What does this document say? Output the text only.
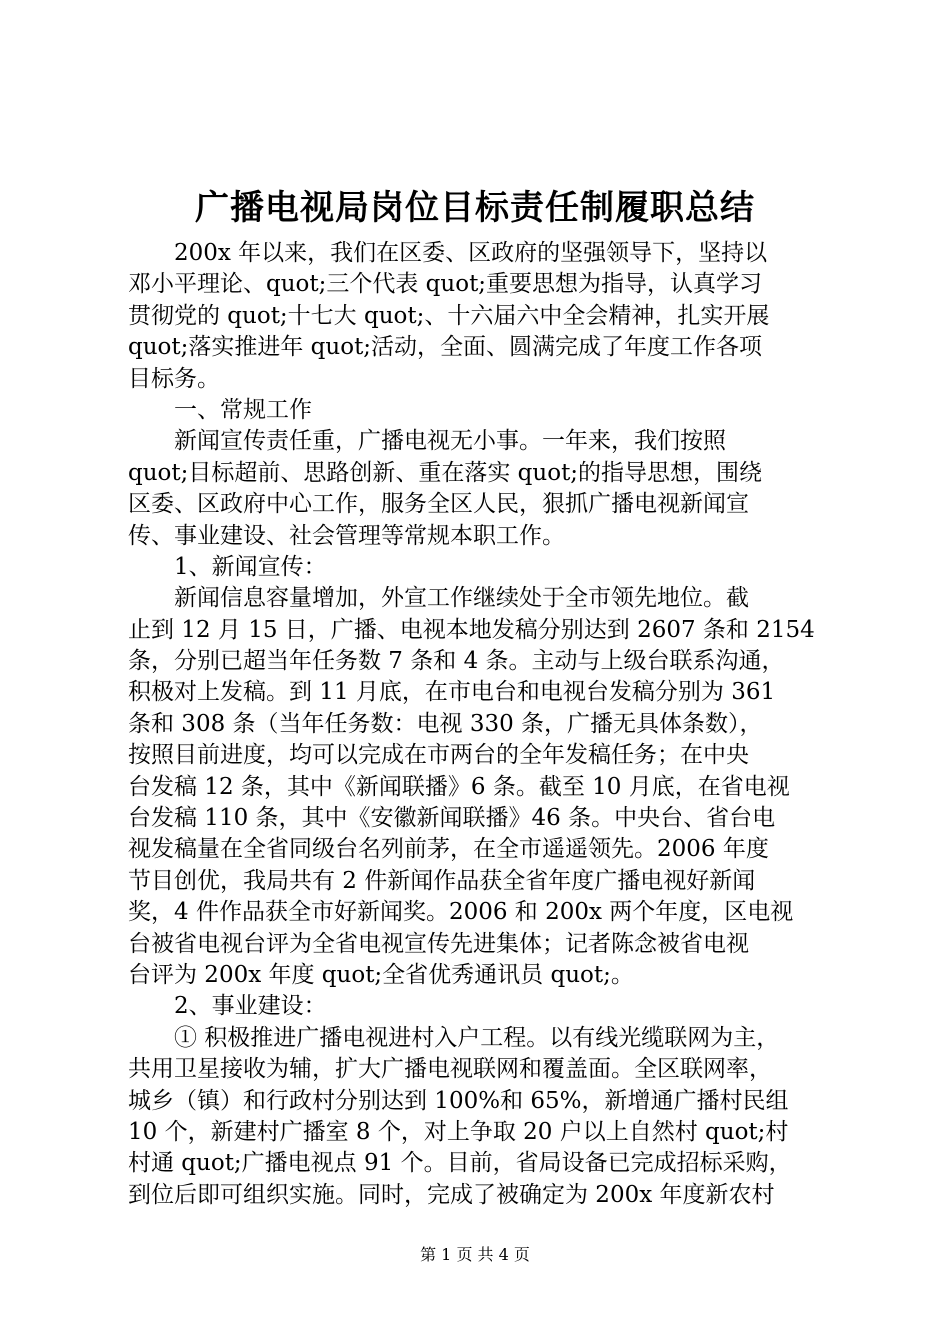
广播电视局岗位目标责任制履职总结
　　200x 年以来，我们在区委、区政府的坚强领导下，坚持以
邓小平理论、quot;三个代表 quot;重要思想为指导，认真学习
贯彻党的 quot;十七大 quot;、十六届六中全会精神，扎实开展
quot;落实推进年 quot;活动，全面、圆满完成了年度工作各项
目标务。
　　一、常规工作
　　新闻宣传责任重，广播电视无小事。一年来，我们按照
quot;目标超前、思路创新、重在落实 quot;的指导思想，围绕
区委、区政府中心工作，服务全区人民，狠抓广播电视新闻宣
传、事业建设、社会管理等常规本职工作。
　　1、新闻宣传：
　　新闻信息容量增加，外宣工作继续处于全市领先地位。截
止到 12 月 15 日，广播、电视本地发稿分别达到 2607 条和 2154
条，分别已超当年任务数 7 条和 4 条。主动与上级台联系沟通，
积极对上发稿。到 11 月底，在市电台和电视台发稿分别为 361
条和 308 条（当年任务数：电视 330 条，广播无具体条数），
按照目前进度，均可以完成在市两台的全年发稿任务；在中央
台发稿 12 条，其中《新闻联播》6 条。截至 10 月底，在省电视
台发稿 110 条，其中《安徽新闻联播》46 条。中央台、省台电
视发稿量在全省同级台名列前茅，在全市遥遥领先。2006 年度
节目创优，我局共有 2 件新闻作品获全省年度广播电视好新闻
奖，4 件作品获全市好新闻奖。2006 和 200x 两个年度，区电视
台被省电视台评为全省电视宣传先进集体；记者陈念被省电视
台评为 200x 年度 quot;全省优秀通讯员 quot;。
　　2、事业建设：
　　① 积极推进广播电视进村入户工程。以有线光缆联网为主，
共用卫星接收为辅，扩大广播电视联网和覆盖面。全区联网率，
城乡（镇）和行政村分别达到 100%和 65%，新增通广播村民组
10 个，新建村广播室 8 个，对上争取 20 户以上自然村 quot;村
村通 quot;广播电视点 91 个。目前，省局设备已完成招标采购，
到位后即可组织实施。同时，完成了被确定为 200x 年度新农村
第 1 页 共 4 页
